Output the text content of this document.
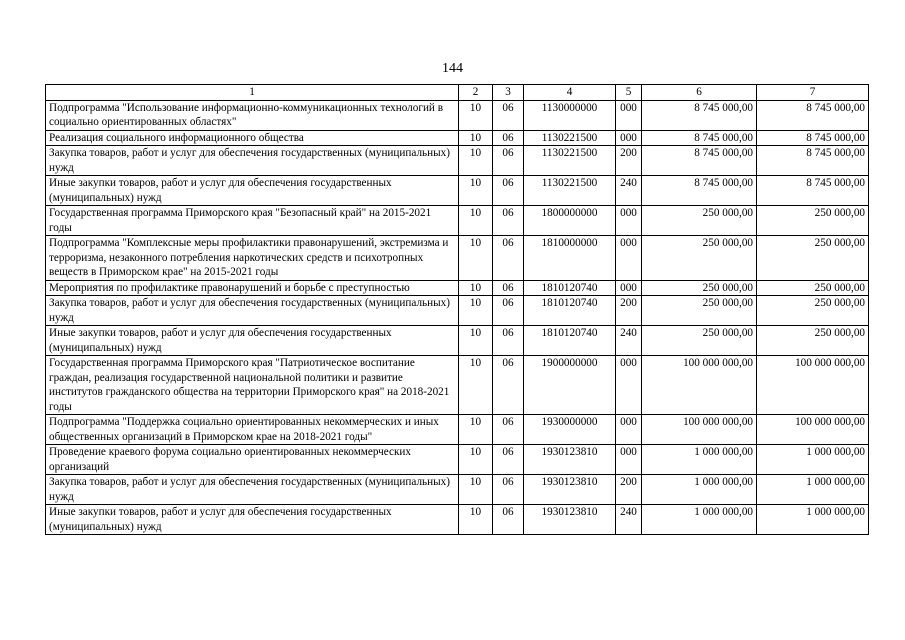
144
1	2	3	4	5	6	7
Подпрограмма "Использование информационно-коммуникационных технологий в социально ориентированных областях"	10	06	1130000000	000	8 745 000,00	8 745 000,00
Реализация социального информационного общества	10	06	1130221500	000	8 745 000,00	8 745 000,00
Закупка товаров, работ и услуг для обеспечения государственных (муниципальных) нужд	10	06	1130221500	200	8 745 000,00	8 745 000,00
Иные закупки товаров, работ и услуг для обеспечения государственных (муниципальных) нужд	10	06	1130221500	240	8 745 000,00	8 745 000,00
Государственная программа Приморского края "Безопасный край" на 2015-2021 годы	10	06	1800000000	000	250 000,00	250 000,00
Подпрограмма "Комплексные меры профилактики правонарушений, экстремизма и терроризма, незаконного потребления наркотических средств и психотропных веществ в Приморском крае" на 2015-2021 годы	10	06	1810000000	000	250 000,00	250 000,00
Мероприятия по профилактике правонарушений и борьбе с преступностью	10	06	1810120740	000	250 000,00	250 000,00
Закупка товаров, работ и услуг для обеспечения государственных (муниципальных) нужд	10	06	1810120740	200	250 000,00	250 000,00
Иные закупки товаров, работ и услуг для обеспечения государственных (муниципальных) нужд	10	06	1810120740	240	250 000,00	250 000,00
Государственная программа Приморского края "Патриотическое воспитание граждан, реализация государственной национальной политики и развитие институтов гражданского общества на территории Приморского края" на 2018-2021 годы	10	06	1900000000	000	100 000 000,00	100 000 000,00
Подпрограмма "Поддержка социально ориентированных некоммерческих и иных общественных организаций в Приморском крае на 2018-2021 годы"	10	06	1930000000	000	100 000 000,00	100 000 000,00
Проведение краевого форума социально ориентированных некоммерческих организаций	10	06	1930123810	000	1 000 000,00	1 000 000,00
Закупка товаров, работ и услуг для обеспечения государственных (муниципальных) нужд	10	06	1930123810	200	1 000 000,00	1 000 000,00
Иные закупки товаров, работ и услуг для обеспечения государственных (муниципальных) нужд	10	06	1930123810	240	1 000 000,00	1 000 000,00
